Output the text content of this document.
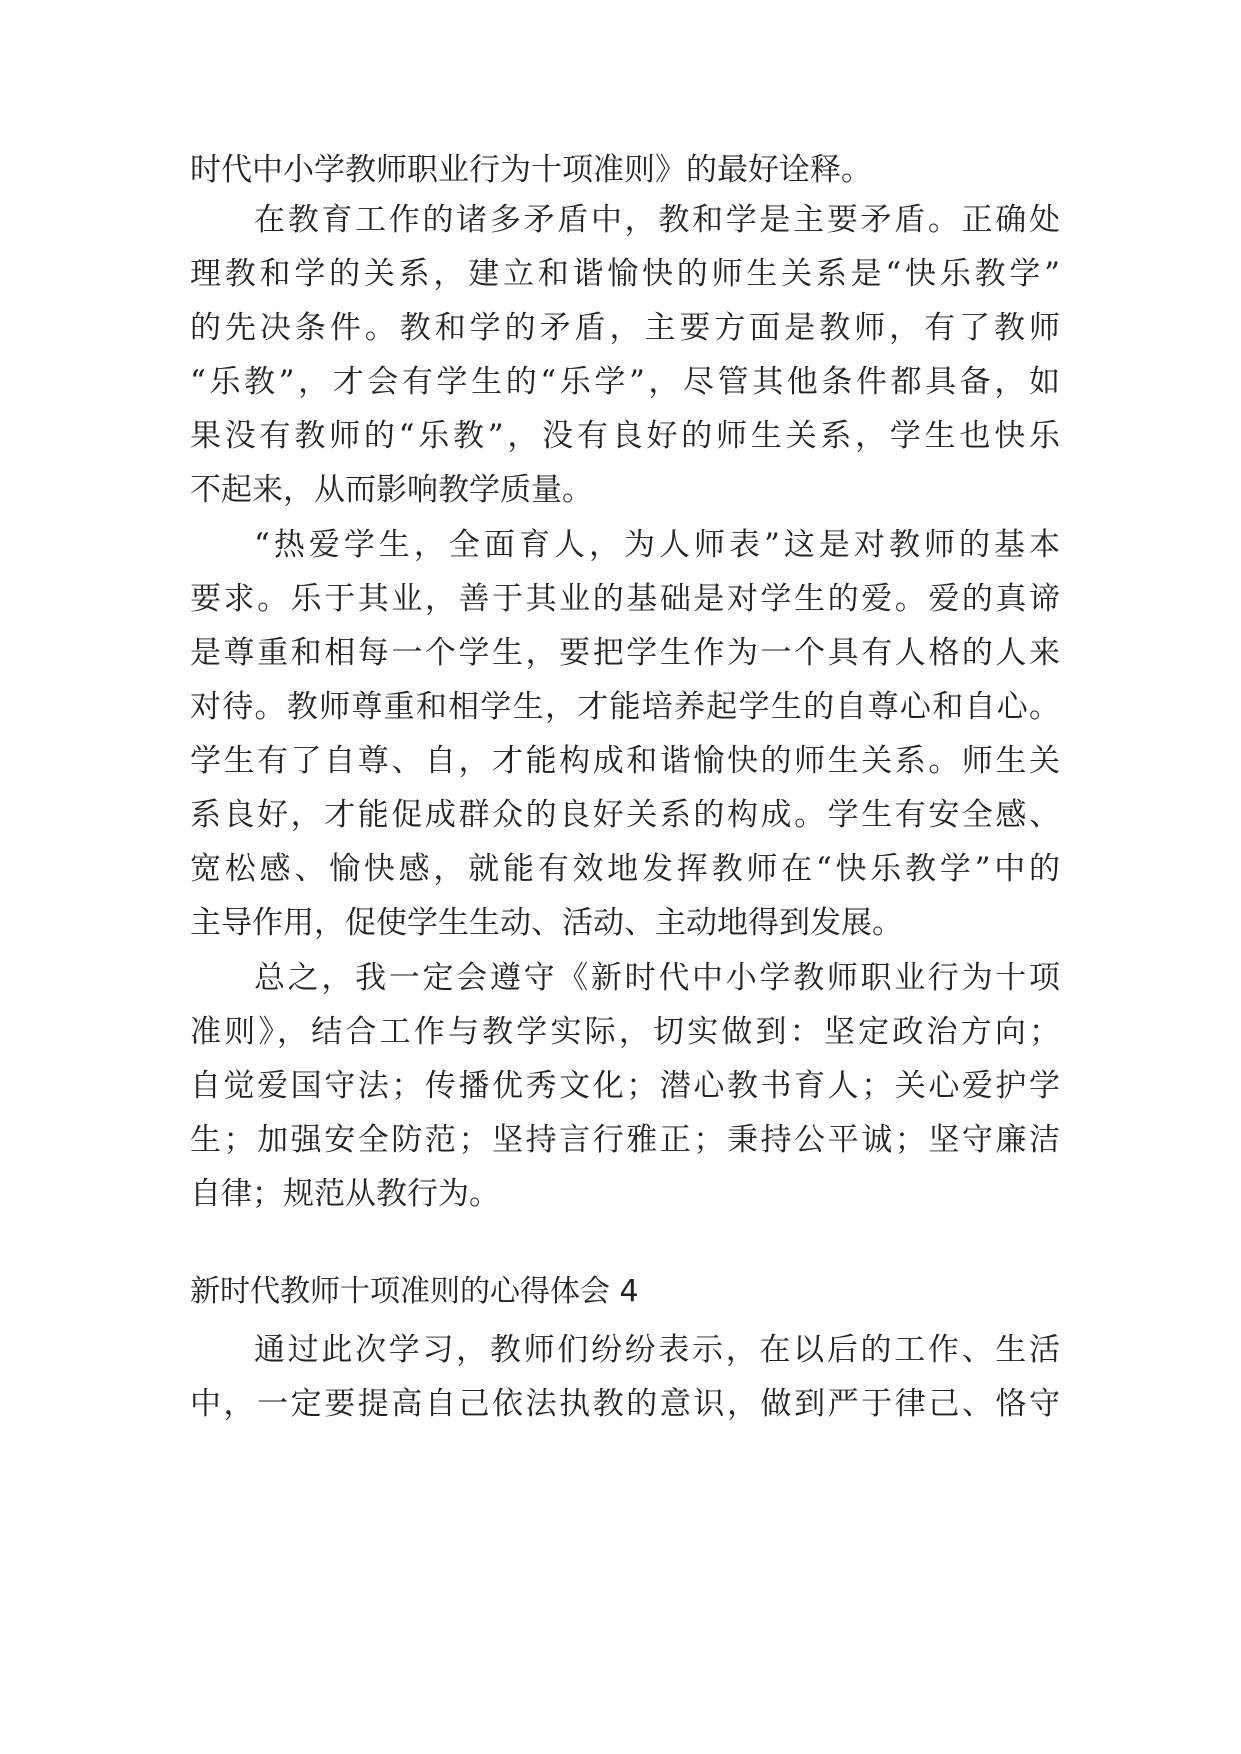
时代中小学教师职业行为十项准则》的最好诠释。
在教育工作的诸多矛盾中，教和学是主要矛盾。正确处
理教和学的关系，建立和谐愉快的师生关系是“快乐教学”
的先决条件。教和学的矛盾，主要方面是教师，有了教师
“乐教”，才会有学生的“乐学”，尽管其他条件都具备，如
果没有教师的“乐教”，没有良好的师生关系，学生也快乐
不起来，从而影响教学质量。
“热爱学生，全面育人，为人师表”这是对教师的基本
要求。乐于其业，善于其业的基础是对学生的爱。爱的真谛
是尊重和相每一个学生，要把学生作为一个具有人格的人来
对待。教师尊重和相学生，才能培养起学生的自尊心和自心。
学生有了自尊、自，才能构成和谐愉快的师生关系。师生关
系良好，才能促成群众的良好关系的构成。学生有安全感、
宽松感、愉快感，就能有效地发挥教师在“快乐教学”中的
主导作用，促使学生生动、活动、主动地得到发展。
总之，我一定会遵守《新时代中小学教师职业行为十项
准则》，结合工作与教学实际，切实做到：坚定政治方向；
自觉爱国守法；传播优秀文化；潜心教书育人；关心爱护学
生；加强安全防范；坚持言行雅正；秉持公平诚；坚守廉洁
自律；规范从教行为。
新时代教师十项准则的心得体会 4
通过此次学习，教师们纷纷表示，在以后的工作、生活
中，一定要提高自己依法执教的意识，做到严于律己、恪守
